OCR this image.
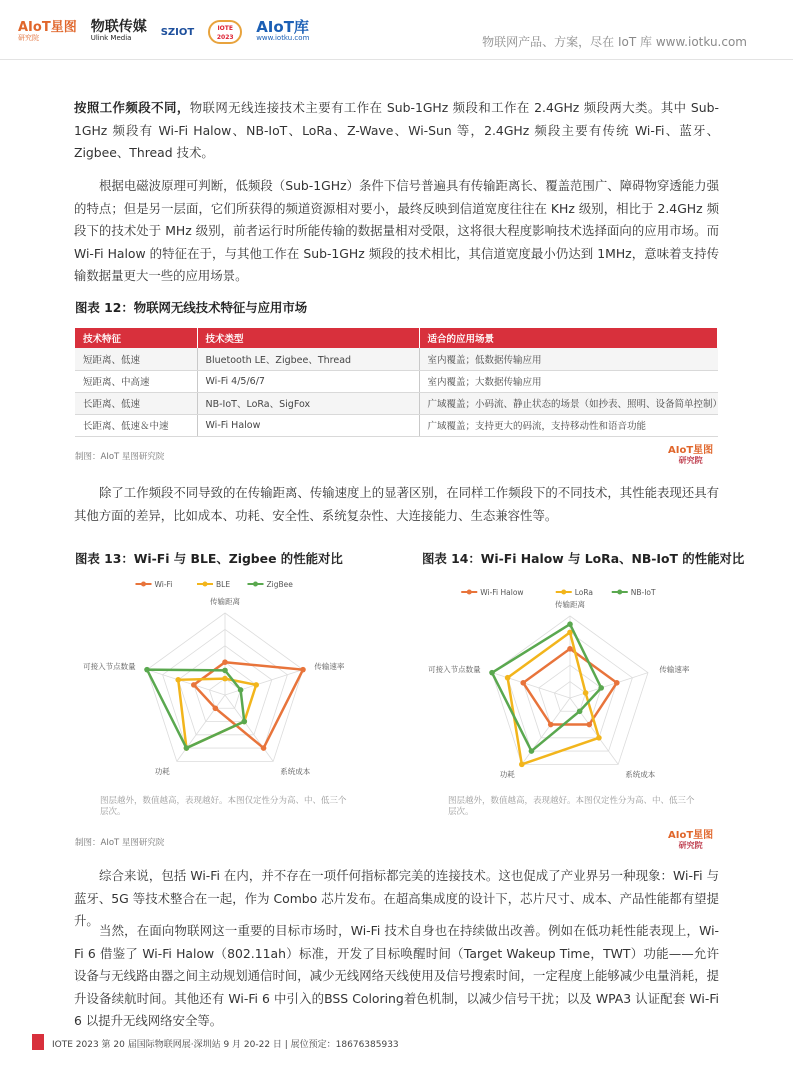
AIoT星图
研究院
物联传媒
Ulink Media
SZIOT	IOTE 2023
AIoT库
www.iotku.com	物联网产品、方案，尽在 IoT 库 www.iotku.com
按照工作频段不同，物联网无线连接技术主要有工作在 Sub-1GHz 频段和工作在 2.4GHz 频段两大类。其中 Sub-1GHz 频段有 Wi-Fi Halow、NB-IoT、LoRa、Z-Wave、Wi-Sun 等，2.4GHz 频段主要有传统 Wi-Fi、蓝牙、Zigbee、Thread 技术。
根据电磁波原理可判断，低频段（Sub-1GHz）条件下信号普遍具有传输距离长、覆盖范围广、障碍物穿透能力强的特点；但是另一层面，它们所获得的频道资源相对要小，最终反映到信道宽度往往在 KHz 级别，相比于 2.4GHz 频段下的技术处于 MHz 级别，前者运行时所能传输的数据量相对受限，这将很大程度影响技术选择面向的应用市场。而 Wi-Fi Halow 的特征在于，与其他工作在 Sub-1GHz 频段的技术相比，其信道宽度最小仍达到 1MHz，意味着支持传输数据量更大一些的应用场景。
图表 12：物联网无线技术特征与应用市场
技术特征	技术类型	适合的应用场景
短距离、低速	Bluetooth LE、Zigbee、Thread	室内覆盖；低数据传输应用
短距离、中高速	Wi-Fi 4/5/6/7	室内覆盖；大数据传输应用
长距离、低速	NB-IoT、LoRa、SigFox	广域覆盖；小码流、静止状态的场景（如抄表、照明、设备简单控制）
长距离、低速＆中速	Wi-Fi Halow	广域覆盖；支持更大的码流，支持移动性和语音功能
制图：AIoT 星图研究院
AIoT星图
研究院
除了工作频段不同导致的在传输距离、传输速度上的显著区别，在同样工作频段下的不同技术，其性能表现还具有其他方面的差异，比如成本、功耗、安全性、系统复杂性、大连接能力、生态兼容性等。
图表 13：Wi-Fi 与 BLE、Zigbee 的性能对比	图表 14：Wi-Fi Halow 与 LoRa、NB-IoT 的性能对比
Wi-Fi	BLE	ZigBee
传输距离
传输速率
系统成本
功耗
可接入节点数量
Wi-Fi Halow	LoRa	NB-IoT
传输距离
传输速率
系统成本
功耗
可接入节点数量
图层越外，数值越高，表现越好。本图仅定性分为高、中、低三个层次。
图层越外，数值越高，表现越好。本图仅定性分为高、中、低三个层次。
制图：AIoT 星图研究院
AIoT星图
研究院
综合来说，包括 Wi-Fi 在内，并不存在一项仟何指标都完美的连接技术。这也促成了产业界另一种现象：Wi-Fi 与蓝牙、5G 等技术整合在一起，作为 Combo 芯片发布。在超高集成度的设计下，芯片尺寸、成本、产品性能都有望提升。
当然，在面向物联网这一重要的目标市场时，Wi-Fi 技术自身也在持续做出改善。例如在低功耗性能表现上，Wi-Fi 6 借鉴了 Wi-Fi Halow（802.11ah）标准，开发了目标唤醒时间（Target Wakeup Time，TWT）功能——允许设备与无线路由器之间主动规划通信时间，减少无线网络天线使用及信号搜索时间，一定程度上能够减少电量消耗，提升设备续航时间。其他还有 Wi-Fi 6 中引入的BSS Coloring着色机制，以减少信号干扰；以及 WPA3 认证配套 Wi-Fi 6 以提升无线网络安全等。
IOTE 2023 第 20 届国际物联网展·深圳站 9 月 20-22 日 | 展位预定：18676385933
